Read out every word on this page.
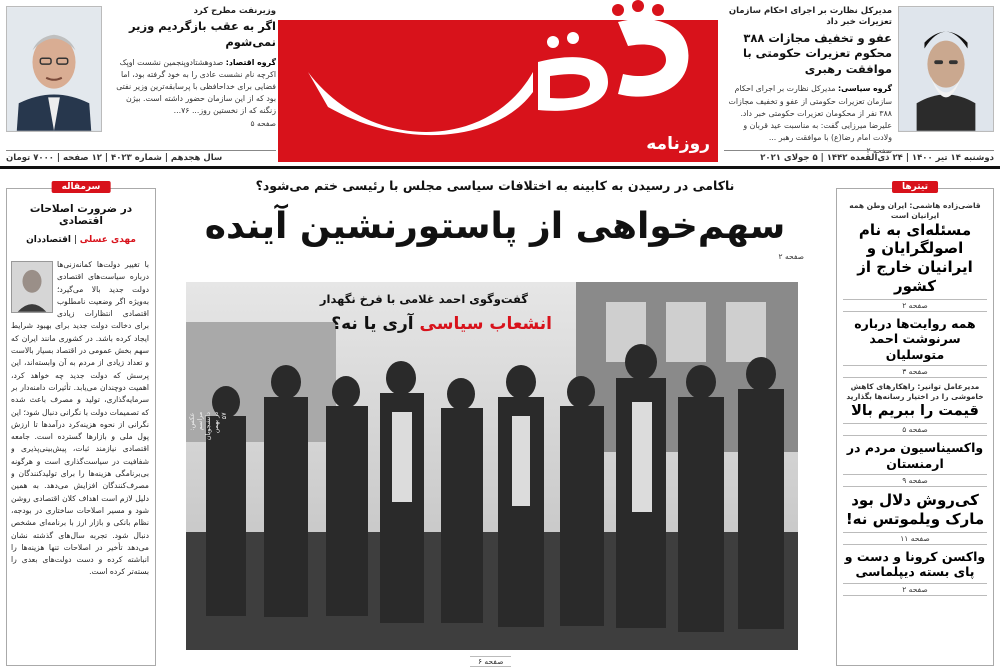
مدیرکل نظارت بر اجرای احکام سازمان تعزیرات خبر داد
عفو و تخفیف مجازات ۳۸۸ محکوم تعزیرات حکومتی با موافقت رهبری
گروه سیاسی: مدیرکل نظارت بر اجرای احکام سازمان تعزیرات حکومتی از عفو و تخفیف مجازات ۳۸۸ نفر از محکومان تعزیرات حکومتی خبر داد. علیرضا میرزایی گفت: به مناسبت عید قربان و ولادت امام رضا(ع) با موافقت رهبر ...
صفحه ۲
روزنامه
وزیرنفت مطرح کرد
اگر به عقب بازگردیم وزیر نمی‌شوم
گروه اقتصاد: صدوهشتادوپنجمین نشست اوپک اکرچه نام نشست عادی را به خود گرفته بود، اما فضایی برای خداحافظی با پرسابقه‌ترین وزیر نفتی بود که از این سازمان حضور داشته است. بیژن زنگنه که از نخستین روز... ۷۶...
صفحه ۵
دوشنبه ۱۴ تیر ۱۴۰۰ | ۲۴ ذی‌القعده ۱۴۴۲ | ۵ جولای ۲۰۲۱
سال هجدهم | شماره ۴۰۲۳ | ۱۲ صفحه | ۷۰۰۰ تومان
تیترها
قاضی‌زاده هاشمی: ایران وطن همه ایرانیان است
مسئله‌ای به نام اصولگرایان و ایرانیان خارج از کشور
صفحه ۲
همه روایت‌ها درباره سرنوشت احمد متوسلیان
صفحه ۳
مدیرعامل توانیر: راهکارهای کاهش خاموشی را در اختیار رسانه‌ها بگذارید
قیمت را ببریم بالا
صفحه ۵
واکسیناسیون مردم در ارمنستان
صفحه ۹
کی‌روش دلال بود مارک ویلموتس نه!
صفحه ۱۱
واکسن کرونا و دست و پای بسته دیپلماسی
صفحه ۲
سرمقاله
در ضرورت اصلاحات اقتصادی
مهدی عسلی | اقتصاددان
با تغییر دولت‌ها کمانه‌زنی‌ها درباره سیاست‌های اقتصادی دولت جدید بالا می‌گیرد؛ به‌ویژه اگر وضعیت نامطلوب اقتصادی انتظارات زیادی برای دخالت دولت جدید برای بهبود شرایط ایجاد کرده باشد. در کشوری مانند ایران که سهم بخش عمومی در اقتصاد بسیار بالاست و تعداد زیادی از مردم به آن وابسته‌اند، این پرسش که دولت جدید چه خواهد کرد، اهمیت دوچندان می‌یابد. تأثیرات دامنه‌دار بر سرمایه‌گذاری، تولید و مصرف باعث شده که تصمیمات دولت با نگرانی دنبال شود؛ این نگرانی از نحوه هزینه‌کرد درآمدها تا ارزش پول ملی و بازارها گسترده است. جامعه اقتصادی نیازمند ثبات، پیش‌بینی‌پذیری و شفافیت در سیاست‌گذاری است و هرگونه بی‌برنامگی هزینه‌ها را برای تولیدکنندگان و مصرف‌کنندگان افزایش می‌دهد. به همین دلیل لازم است اهداف کلان اقتصادی روشن شود و مسیر اصلاحات ساختاری در بودجه، نظام بانکی و بازار ارز با برنامه‌ای مشخص دنبال شود. تجربه سال‌های گذشته نشان می‌دهد تأخیر در اصلاحات تنها هزینه‌ها را انباشته کرده و دست دولت‌های بعدی را بسته‌تر کرده است.
ناکامی در رسیدن به کابینه به اختلافات سیاسی مجلس با رئیسی ختم می‌شود؟
سهم‌خواهی از پاستورنشین آینده
صفحه ۲
گفت‌وگوی احمد غلامی با فرخ نگهدار
انشعاب سیاسی آری یا نه؟
عکس: مراسم دانشجویان در بهمن ۵۷
صفحه ۶
